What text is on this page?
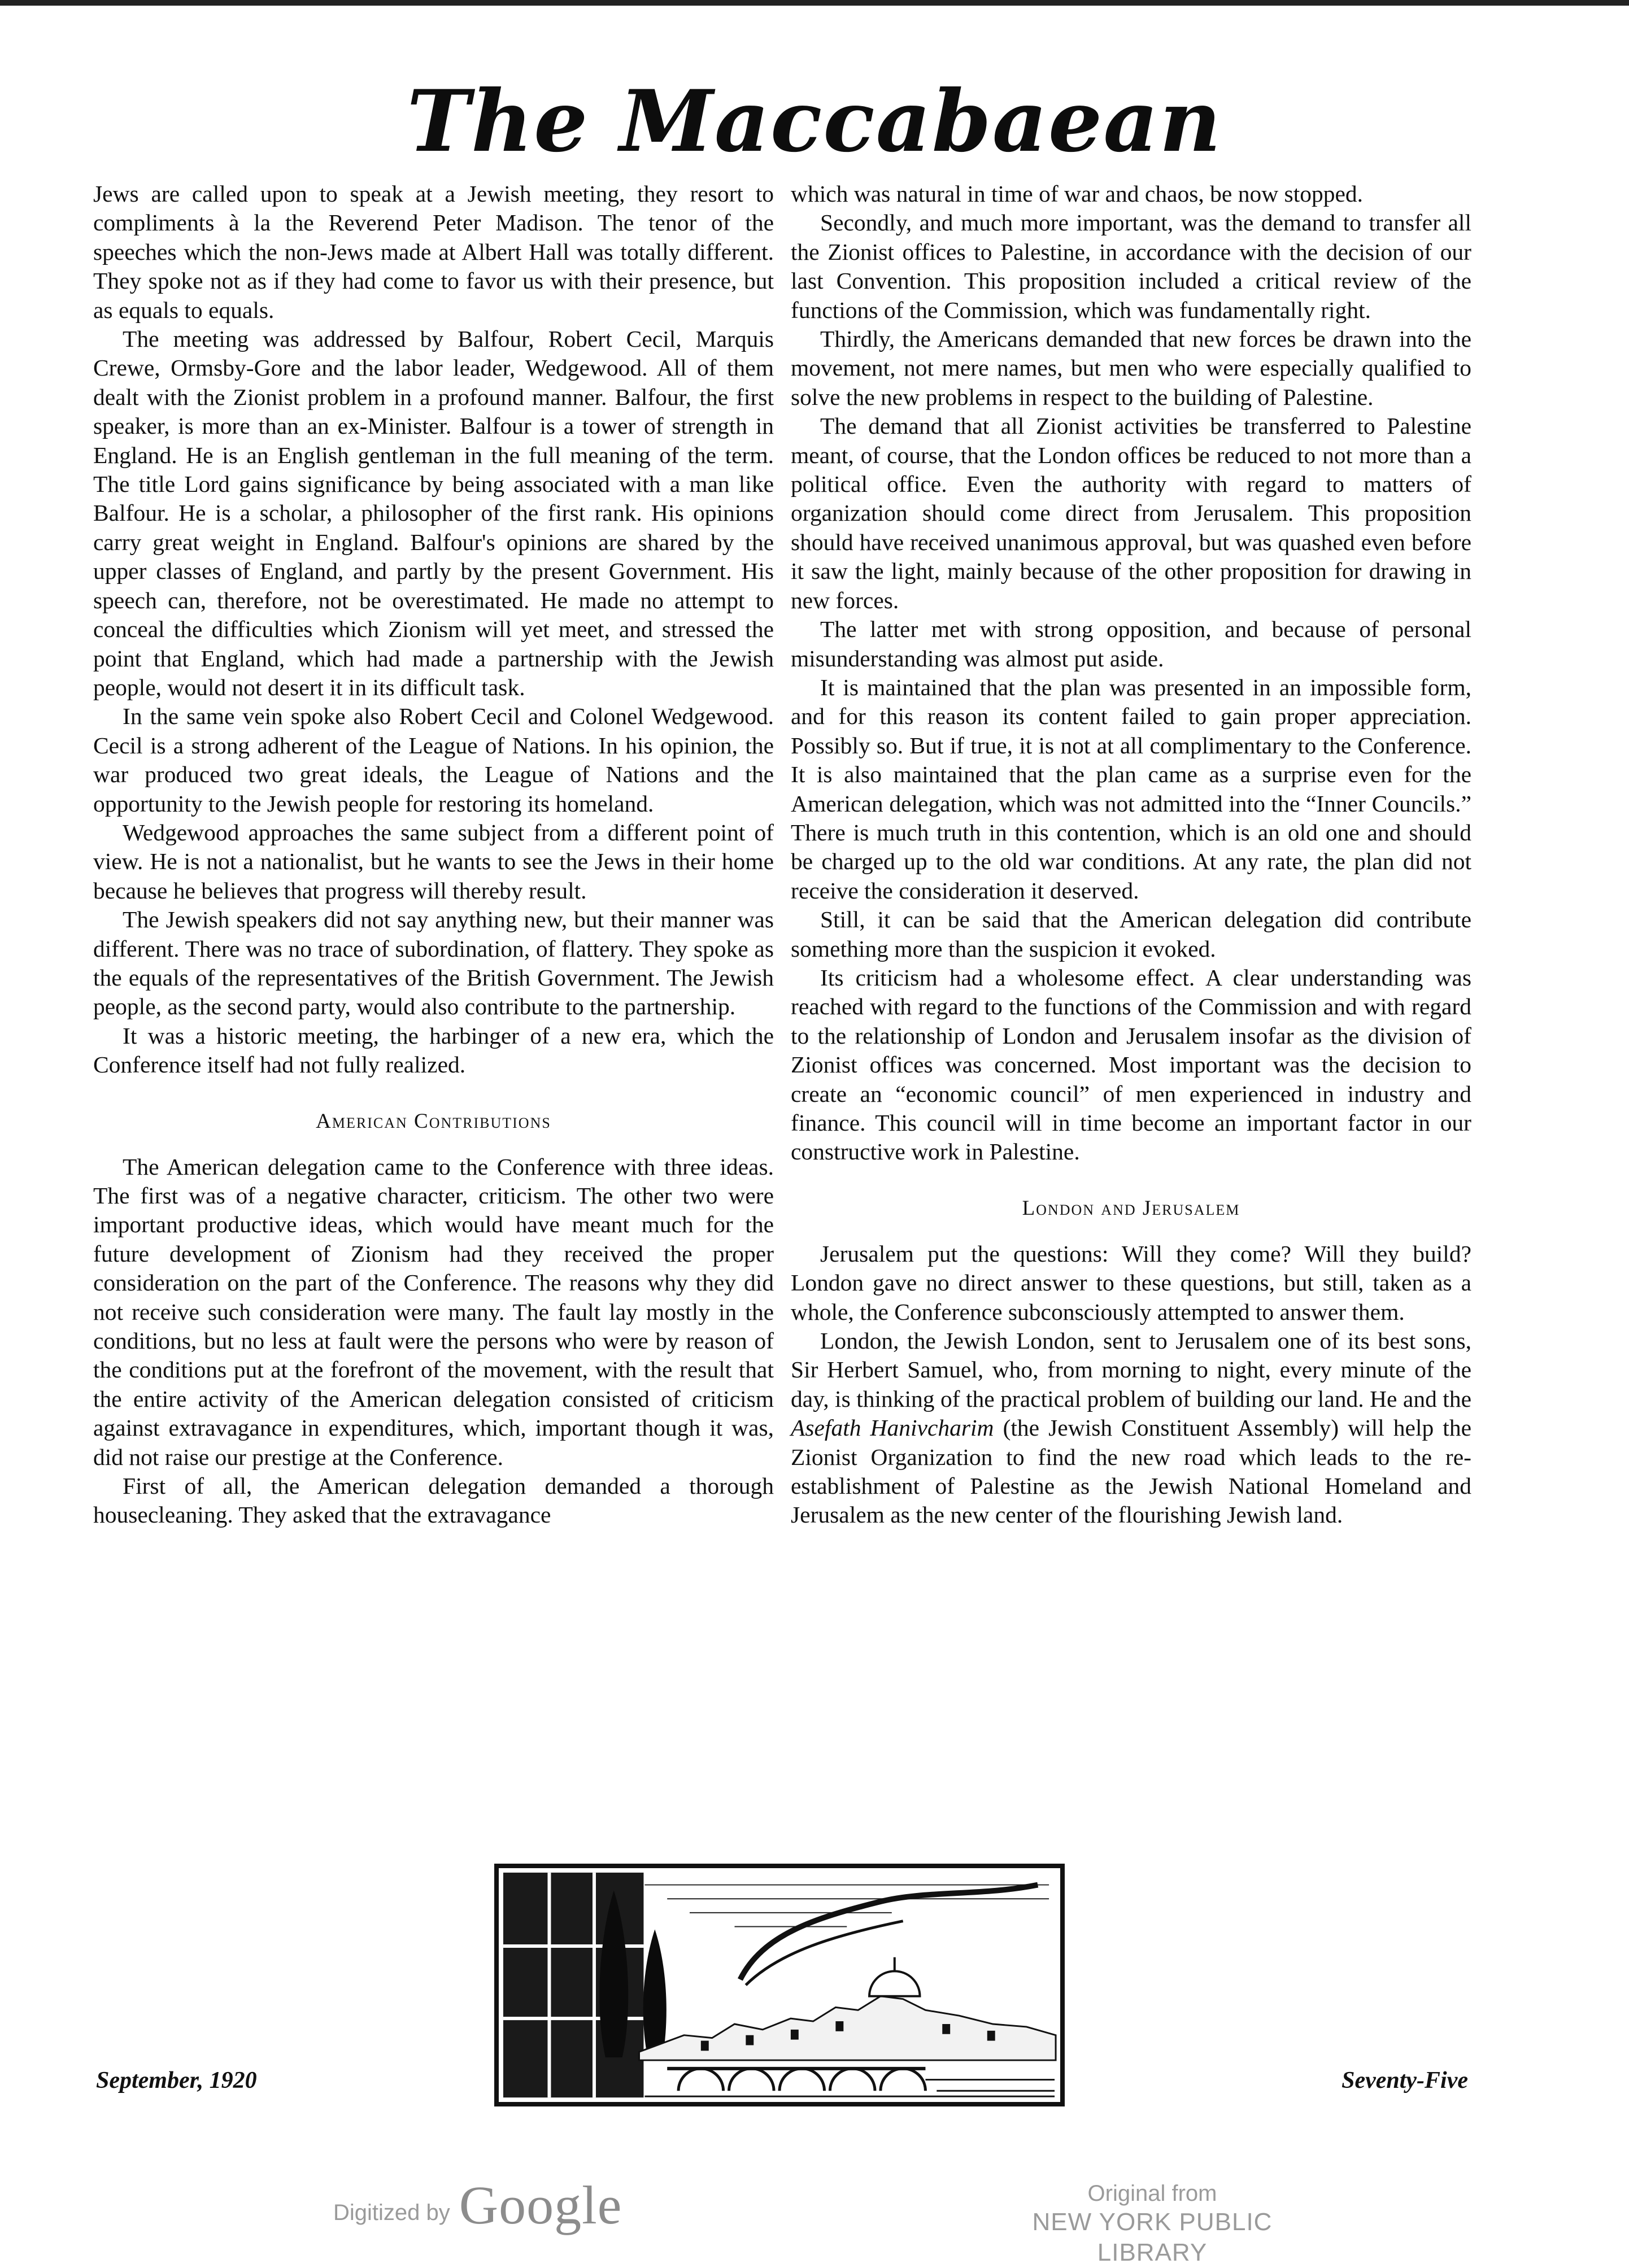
The Maccabaean

Jews are called upon to speak at a Jewish meeting, they resort to compliments à la the Reverend Peter Madison. The tenor of the speeches which the non-Jews made at Albert Hall was totally different. They spoke not as if they had come to favor us with their presence, but as equals to equals.

The meeting was addressed by Balfour, Robert Cecil, Marquis Crewe, Ormsby-Gore and the labor leader, Wedgewood. All of them dealt with the Zionist problem in a profound manner. Balfour, the first speaker, is more than an ex-Minister. Balfour is a tower of strength in England. He is an English gentleman in the full meaning of the term. The title Lord gains significance by being associated with a man like Balfour. He is a scholar, a philosopher of the first rank. His opinions carry great weight in England. Balfour's opinions are shared by the upper classes of England, and partly by the present Government. His speech can, therefore, not be overestimated. He made no attempt to conceal the difficulties which Zionism will yet meet, and stressed the point that England, which had made a partnership with the Jewish people, would not desert it in its difficult task.

In the same vein spoke also Robert Cecil and Colonel Wedgewood. Cecil is a strong adherent of the League of Nations. In his opinion, the war produced two great ideals, the League of Nations and the opportunity to the Jewish people for restoring its homeland.

Wedgewood approaches the same subject from a different point of view. He is not a nationalist, but he wants to see the Jews in their home because he believes that progress will thereby result.

The Jewish speakers did not say anything new, but their manner was different. There was no trace of subordination, of flattery. They spoke as the equals of the representatives of the British Government. The Jewish people, as the second party, would also contribute to the partnership.

It was a historic meeting, the harbinger of a new era, which the Conference itself had not fully realized.

American Contributions

The American delegation came to the Conference with three ideas. The first was of a negative character, criticism. The other two were important productive ideas, which would have meant much for the future development of Zionism had they received the proper consideration on the part of the Conference. The reasons why they did not receive such consideration were many. The fault lay mostly in the conditions, but no less at fault were the persons who were by reason of the conditions put at the forefront of the movement, with the result that the entire activity of the American delegation consisted of criticism against extravagance in expenditures, which, important though it was, did not raise our prestige at the Conference.

First of all, the American delegation demanded a thorough housecleaning. They asked that the extravagance

which was natural in time of war and chaos, be now stopped.

Secondly, and much more important, was the demand to transfer all the Zionist offices to Palestine, in accordance with the decision of our last Convention. This proposition included a critical review of the functions of the Commission, which was fundamentally right.

Thirdly, the Americans demanded that new forces be drawn into the movement, not mere names, but men who were especially qualified to solve the new problems in respect to the building of Palestine.

The demand that all Zionist activities be transferred to Palestine meant, of course, that the London offices be reduced to not more than a political office. Even the authority with regard to matters of organization should come direct from Jerusalem. This proposition should have received unanimous approval, but was quashed even before it saw the light, mainly because of the other proposition for drawing in new forces.

The latter met with strong opposition, and because of personal misunderstanding was almost put aside.

It is maintained that the plan was presented in an impossible form, and for this reason its content failed to gain proper appreciation. Possibly so. But if true, it is not at all complimentary to the Conference. It is also maintained that the plan came as a surprise even for the American delegation, which was not admitted into the “Inner Councils.” There is much truth in this contention, which is an old one and should be charged up to the old war conditions. At any rate, the plan did not receive the consideration it deserved.

Still, it can be said that the American delegation did contribute something more than the suspicion it evoked.

Its criticism had a wholesome effect. A clear understanding was reached with regard to the functions of the Commission and with regard to the relationship of London and Jerusalem insofar as the division of Zionist offices was concerned. Most important was the decision to create an “economic council” of men experienced in industry and finance. This council will in time become an important factor in our constructive work in Palestine.

London and Jerusalem

Jerusalem put the questions: Will they come? Will they build? London gave no direct answer to these questions, but still, taken as a whole, the Conference subconsciously attempted to answer them.

London, the Jewish London, sent to Jerusalem one of its best sons, Sir Herbert Samuel, who, from morning to night, every minute of the day, is thinking of the practical problem of building our land. He and the Asefath Hanivcharim (the Jewish Constituent Assembly) will help the Zionist Organization to find the new road which leads to the re-establishment of Palestine as the Jewish National Homeland and Jerusalem as the new center of the flourishing Jewish land.

September, 1920	Seventy-Five
Digitized by Google	Original from
NEW YORK PUBLIC LIBRARY
